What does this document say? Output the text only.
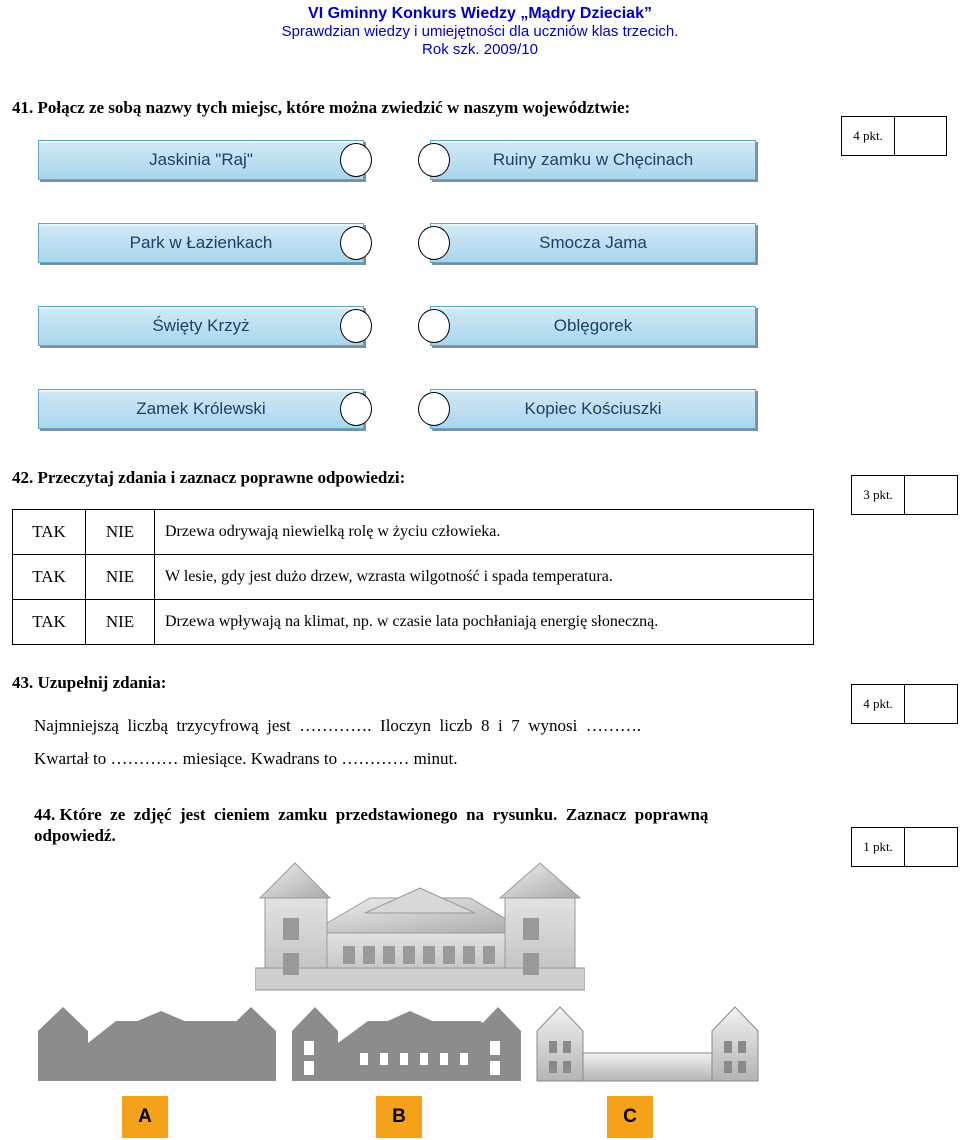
VI Gminny Konkurs Wiedzy „Mądry Dzieciak”
Sprawdzian wiedzy i umiejętności dla uczniów klas trzecich.
Rok szk. 2009/10
41. Połącz ze sobą nazwy tych miejsc, które można zwiedzić w naszym województwie:
4 pkt.
Jaskinia "Raj"
Park w Łazienkach
Święty Krzyż
Zamek Królewski
Ruiny zamku w Chęcinach
Smocza Jama
Oblęgorek
Kopiec Kościuszki
42. Przeczytaj zdania i zaznacz poprawne odpowiedzi:
3 pkt.
TAK	NIE	Drzewa odrywają niewielką rolę w życiu człowieka.
TAK	NIE	W lesie, gdy jest dużo drzew, wzrasta wilgotność i spada temperatura.
TAK	NIE	Drzewa wpływają na klimat, np. w czasie lata pochłaniają energię słoneczną.
43. Uzupełnij zdania:
4 pkt.
Najmniejszą  liczbą  trzycyfrową  jest  ………….  Iloczyn  liczb  8  i  7  wynosi  ……….
Kwartał to ………… miesiące. Kwadrans to ………… minut.
44. Które  ze  zdjęć  jest  cieniem  zamku  przedstawionego  na  rysunku.  Zaznacz  poprawną
odpowiedź.
1 pkt.
A	B	C
